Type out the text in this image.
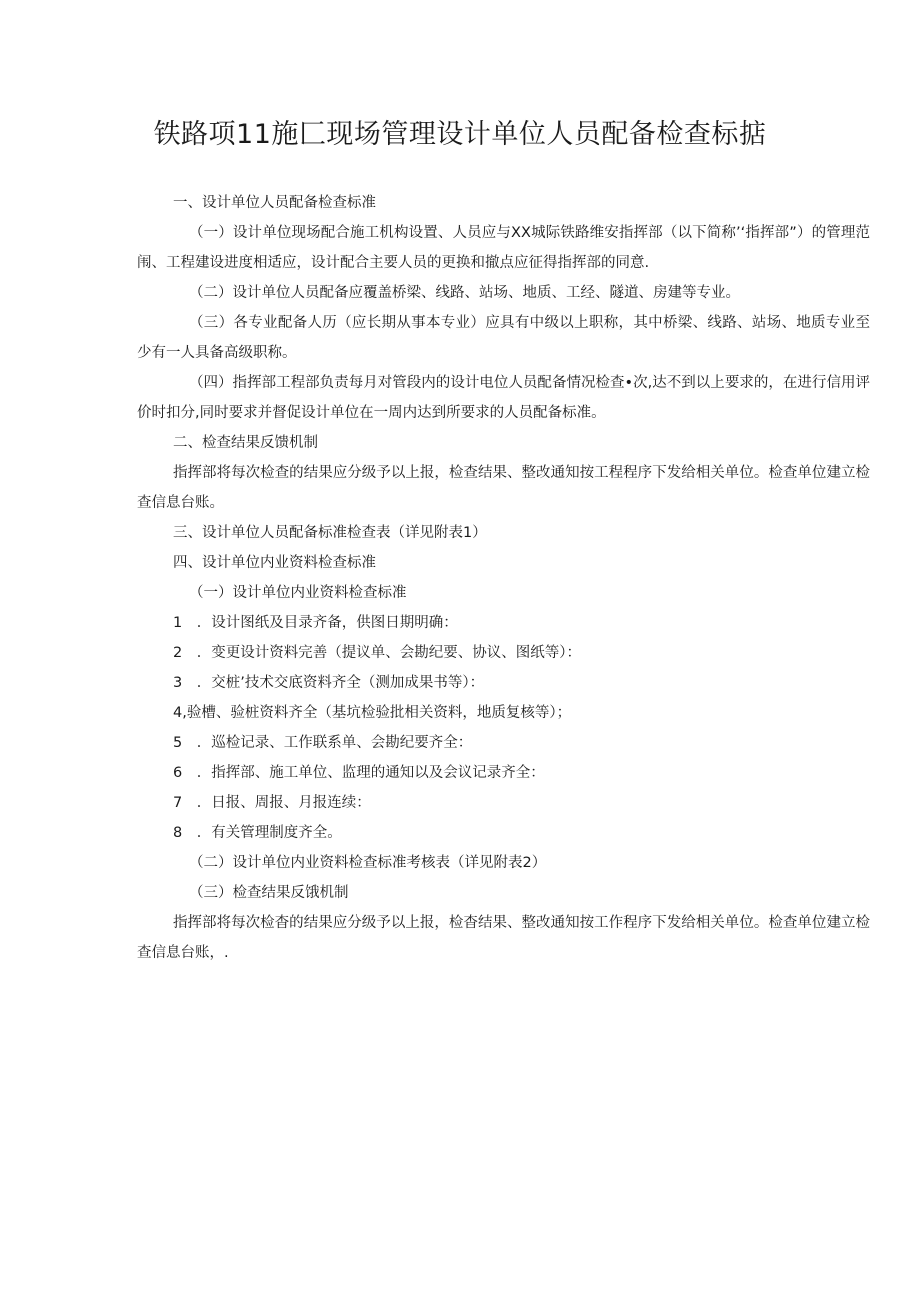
铁路项11施匚现场管理设计单位人员配备检查标掂
一、设计单位人员配备检查标准
（一）设计单位现场配合施工机构设置、人员应与XX城际铁路维安指挥部（以下简称’‘指挥部”）的管理范闱、工程建设进度相适应，设计配合主要人员的更换和撤点应征得指挥部的同意.
（二）设计单位人员配备应覆盖桥梁、线路、站场、地质、工经、隧道、房建等专业。
（三）各专业配备人历（应长期从事本专业）应具有中级以上职称，其中桥梁、线路、站场、地质专业至少有一人具备高级职称。
（四）指挥部工程部负责每月对管段内的设计电位人员配备情况检查•次,达不到以上要求的，在进行信用评价时扣分,同时要求并督促设计单位在一周内达到所要求的人员配备标准。
二、检查结果反馈机制
指挥部将每次检查的结果应分级予以上报，检查结果、整改通知按工程程序下发给相关单位。检查单位建立检查信息台账。
三、设计单位人员配备标准检查表（详见附表1）
四、设计单位内业资料检查标准
（一）设计单位内业资料检查标准
1　．设计图纸及目录齐备，供图日期明确：
2　．变更设计资料完善（提议单、会勘纪要、协议、图纸等）：
3　．交桩’技术交底资料齐全（测加成果书等）：
4,验槽、验桩资料齐全（基坑检验批相关资料，地质复核等）；
5　．巡检记录、工作联系单、会勘纪要齐全：
6　．指挥部、施工单位、监理的通知以及会议记录齐全：
7　．日报、周报、月报连续：
8　．有关管理制度齐全。
（二）设计单位内业资料检查标准考核表（详见附表2）
（三）检查结果反饿机制
指挥部将每次检杳的结果应分级予以上报，检杳结果、整改通知按工作程序下发给相关单位。检查单位建立检查信息台账，.
